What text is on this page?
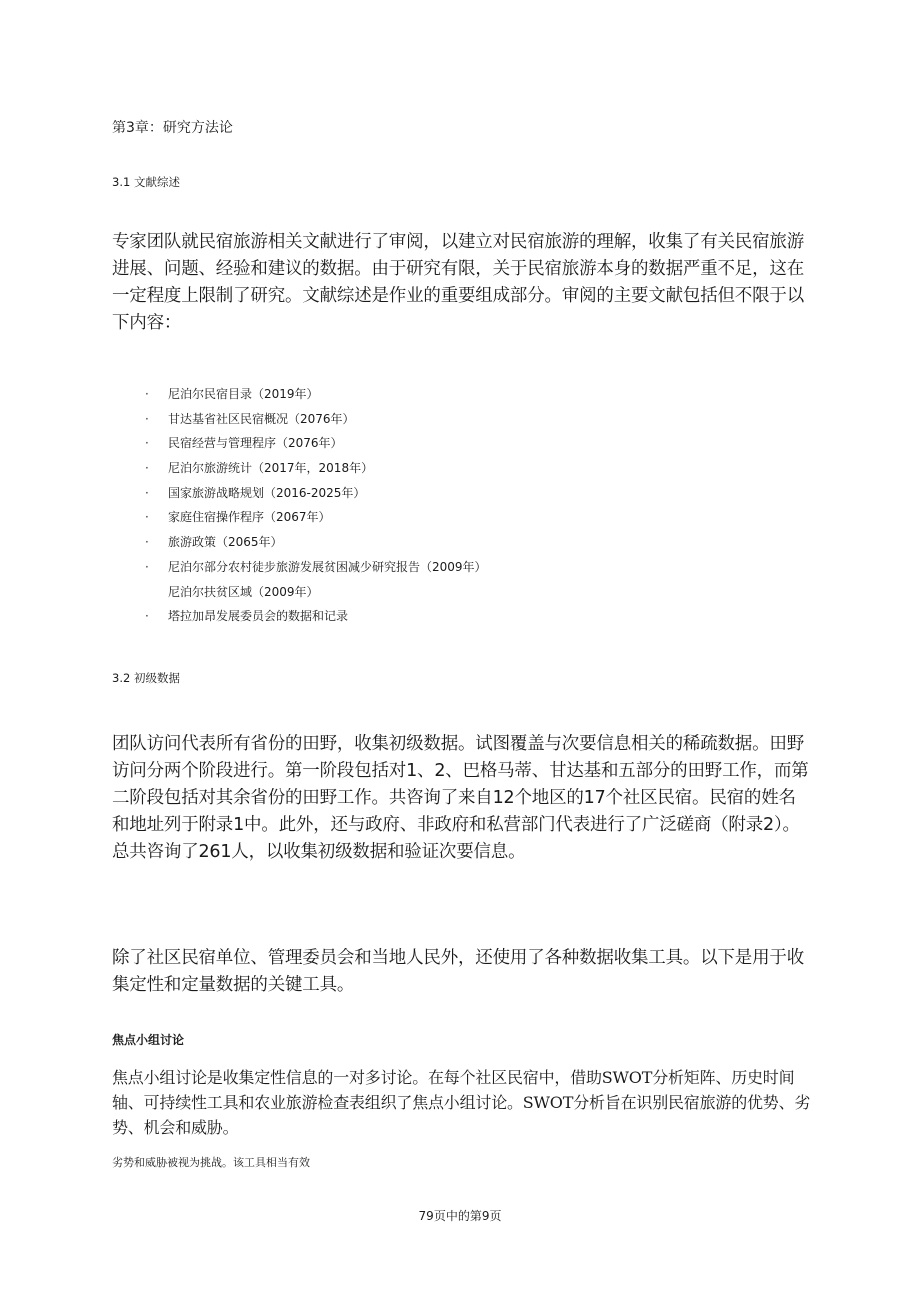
第3章：研究方法论
3.1 文献综述
专家团队就民宿旅游相关文献进行了审阅，以建立对民宿旅游的理解，收集了有关民宿旅游进展、问题、经验和建议的数据。由于研究有限，关于民宿旅游本身的数据严重不足，这在一定程度上限制了研究。文献综述是作业的重要组成部分。审阅的主要文献包括但不限于以下内容：
· 尼泊尔民宿目录（2019年）
· 甘达基省社区民宿概况（2076年）
· 民宿经营与管理程序（2076年）
· 尼泊尔旅游统计（2017年，2018年）
· 国家旅游战略规划（2016-2025年）
· 家庭住宿操作程序（2067年）
· 旅游政策（2065年）
· 尼泊尔部分农村徒步旅游发展贫困减少研究报告（2009年）
尼泊尔扶贫区域（2009年）
· 塔拉加昂发展委员会的数据和记录
3.2 初级数据
团队访问代表所有省份的田野，收集初级数据。试图覆盖与次要信息相关的稀疏数据。田野访问分两个阶段进行。第一阶段包括对1、2、巴格马蒂、甘达基和五部分的田野工作，而第二阶段包括对其余省份的田野工作。共咨询了来自12个地区的17个社区民宿。民宿的姓名和地址列于附录1中。此外，还与政府、非政府和私营部门代表进行了广泛磋商（附录2）。总共咨询了261人，以收集初级数据和验证次要信息。
除了社区民宿单位、管理委员会和当地人民外，还使用了各种数据收集工具。以下是用于收集定性和定量数据的关键工具。
焦点小组讨论
焦点小组讨论是收集定性信息的一对多讨论。在每个社区民宿中，借助SWOT分析矩阵、历史时间轴、可持续性工具和农业旅游检查表组织了焦点小组讨论。SWOT分析旨在识别民宿旅游的优势、劣势、机会和威胁。
劣势和威胁被视为挑战。该工具相当有效
79页中的第9页
